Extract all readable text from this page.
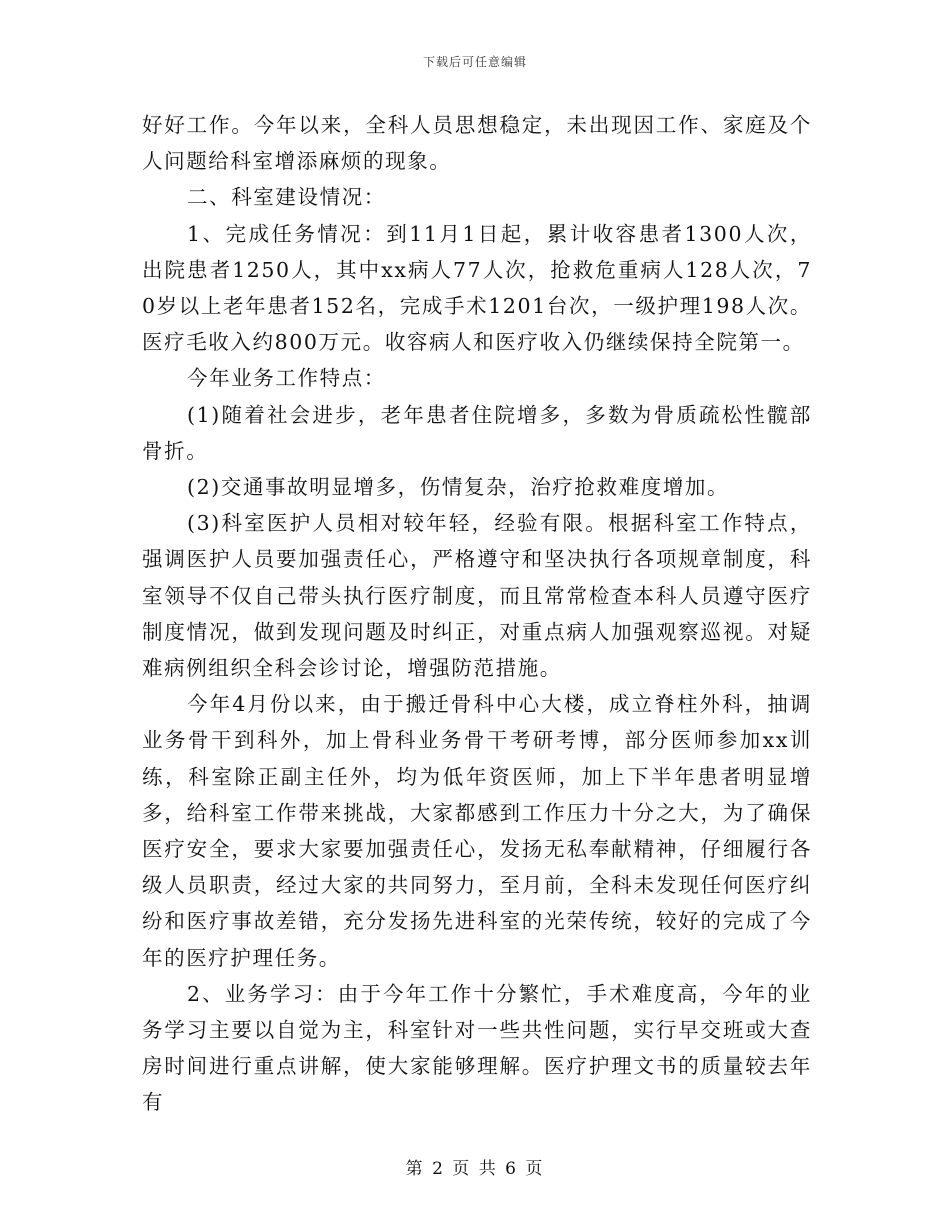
下载后可任意编辑

好好工作。今年以来，全科人员思想稳定，未出现因工作、家庭及个人问题给科室增添麻烦的现象。

二、科室建设情况：

1、完成任务情况：到11月1日起，累计收容患者1300人次，出院患者1250人，其中xx病人77人次，抢救危重病人128人次，70岁以上老年患者152名，完成手术1201台次，一级护理198人次。医疗毛收入约800万元。收容病人和医疗收入仍继续保持全院第一。

今年业务工作特点：

(1)随着社会进步，老年患者住院增多，多数为骨质疏松性髋部骨折。

(2)交通事故明显增多，伤情复杂，治疗抢救难度增加。

(3)科室医护人员相对较年轻，经验有限。根据科室工作特点，强调医护人员要加强责任心，严格遵守和坚决执行各项规章制度，科室领导不仅自己带头执行医疗制度，而且常常检查本科人员遵守医疗制度情况，做到发现问题及时纠正，对重点病人加强观察巡视。对疑难病例组织全科会诊讨论，增强防范措施。

今年4月份以来，由于搬迁骨科中心大楼，成立脊柱外科，抽调业务骨干到科外，加上骨科业务骨干考研考博，部分医师参加xx训练，科室除正副主任外，均为低年资医师，加上下半年患者明显增多，给科室工作带来挑战，大家都感到工作压力十分之大，为了确保医疗安全，要求大家要加强责任心，发扬无私奉献精神，仔细履行各级人员职责，经过大家的共同努力，至月前，全科未发现任何医疗纠纷和医疗事故差错，充分发扬先进科室的光荣传统，较好的完成了今年的医疗护理任务。

2、业务学习：由于今年工作十分繁忙，手术难度高，今年的业务学习主要以自觉为主，科室针对一些共性问题，实行早交班或大查房时间进行重点讲解，使大家能够理解。医疗护理文书的质量较去年有

第 2 页 共 6 页
